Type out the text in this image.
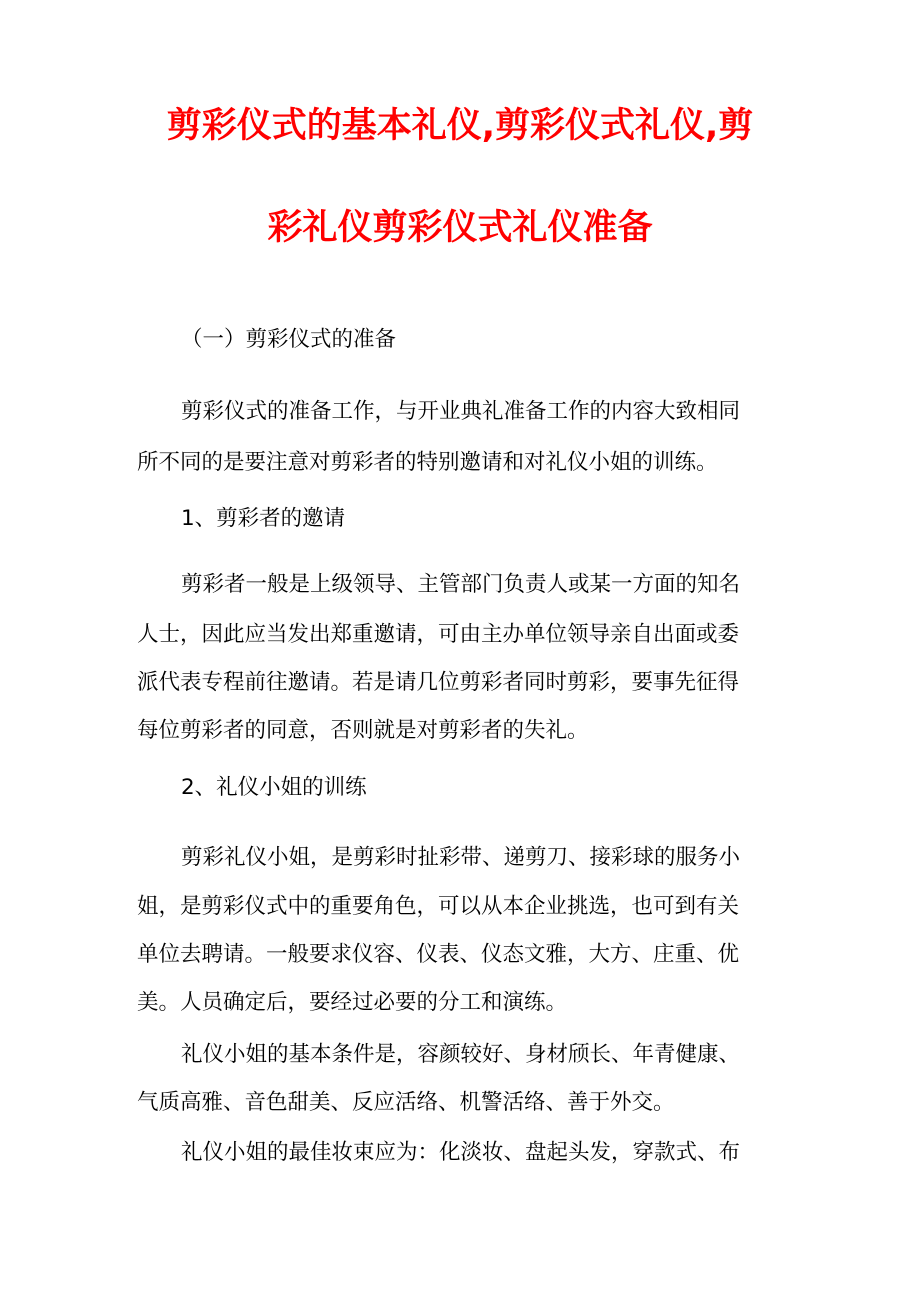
剪彩仪式的基本礼仪,剪彩仪式礼仪,剪
彩礼仪剪彩仪式礼仪准备
（一）剪彩仪式的准备
剪彩仪式的准备工作，与开业典礼准备工作的内容大致相同
所不同的是要注意对剪彩者的特别邀请和对礼仪小姐的训练。
1、剪彩者的邀请
剪彩者一般是上级领导、主管部门负责人或某一方面的知名
人士，因此应当发出郑重邀请，可由主办单位领导亲自出面或委
派代表专程前往邀请。若是请几位剪彩者同时剪彩，要事先征得
每位剪彩者的同意，否则就是对剪彩者的失礼。
2、礼仪小姐的训练
剪彩礼仪小姐，是剪彩时扯彩带、递剪刀、接彩球的服务小
姐，是剪彩仪式中的重要角色，可以从本企业挑选，也可到有关
单位去聘请。一般要求仪容、仪表、仪态文雅，大方、庄重、优
美。人员确定后，要经过必要的分工和演练。
礼仪小姐的基本条件是，容颜较好、身材颀长、年青健康、
气质高雅、音色甜美、反应活络、机警活络、善于外交。
礼仪小姐的最佳妆束应为：化淡妆、盘起头发，穿款式、布
